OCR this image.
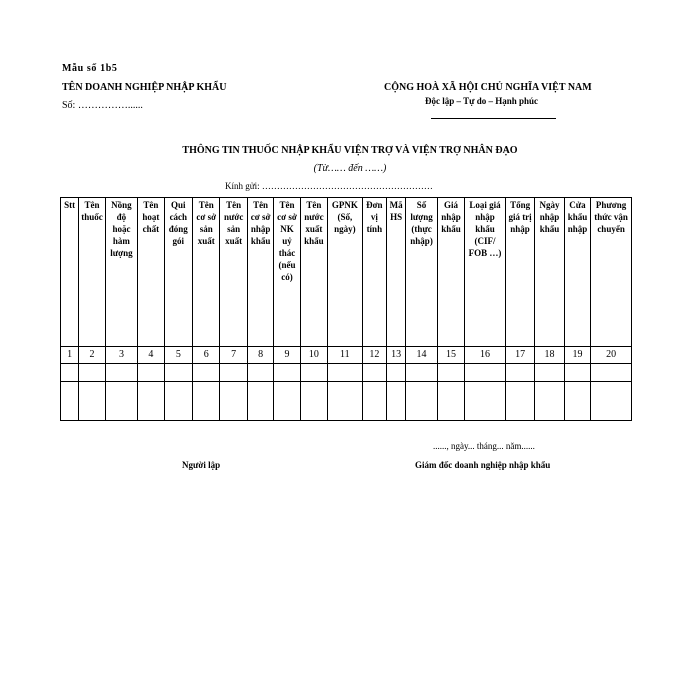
Mẫu số 1b5
TÊN DOANH NGHIỆP NHẬP KHẨU
Số: ……………......
CỘNG HOÀ XÃ HỘI CHỦ NGHĨA VIỆT NAM
Độc lập – Tự do – Hạnh phúc
THÔNG TIN THUỐC NHẬP KHẨU VIỆN TRỢ VÀ VIỆN TRỢ NHÂN ĐẠO
(Từ…… đến ……)
Kính gửi: …………………………………………………
Stt	Tên thuốc	Nồng độ hoặc hàm lượng	Tên hoạt chất	Qui cách đóng gói	Tên cơ sở sản xuất	Tên nước sản xuất	Tên cơ sở nhập khẩu	Tên cơ sở NK uỷ thác (nếu có)	Tên nước xuất khẩu	GPNK (Số, ngày)	Đơn vị tính	Mã HS	Số lượng (thực nhập)	Giá nhập khẩu	Loại giá nhập khẩu (CIF/ FOB …)	Tổng giá trị nhập	Ngày nhập khẩu	Cửa khẩu nhập	Phương thức vận chuyển
1	2	3	4	5	6	7	8	9	10	11	12	13	14	15	16	17	18	19	20

......, ngày... tháng... năm......
Người lập	Giám đốc doanh nghiệp nhập khẩu
